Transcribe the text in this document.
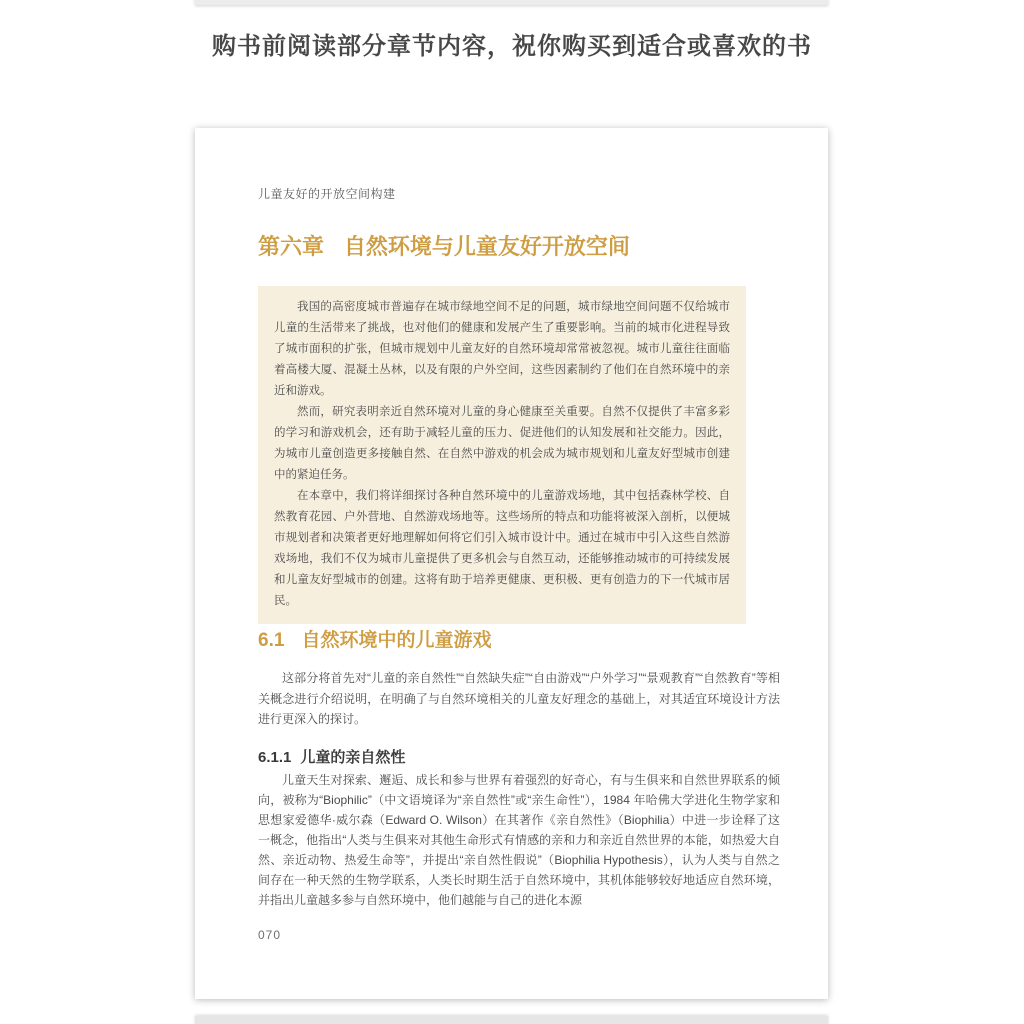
购书前阅读部分章节内容，祝你购买到适合或喜欢的书
儿童友好的开放空间构建
第六章 自然环境与儿童友好开放空间

我国的高密度城市普遍存在城市绿地空间不足的问题，城市绿地空间问题不仅给城市儿童的生活带来了挑战，也对他们的健康和发展产生了重要影响。当前的城市化进程导致了城市面积的扩张，但城市规划中儿童友好的自然环境却常常被忽视。城市儿童往往面临着高楼大厦、混凝土丛林，以及有限的户外空间，这些因素制约了他们在自然环境中的亲近和游戏。

然而，研究表明亲近自然环境对儿童的身心健康至关重要。自然不仅提供了丰富多彩的学习和游戏机会，还有助于减轻儿童的压力、促进他们的认知发展和社交能力。因此，为城市儿童创造更多接触自然、在自然中游戏的机会成为城市规划和儿童友好型城市创建中的紧迫任务。

在本章中，我们将详细探讨各种自然环境中的儿童游戏场地，其中包括森林学校、自然教育花园、户外营地、自然游戏场地等。这些场所的特点和功能将被深入剖析，以便城市规划者和决策者更好地理解如何将它们引入城市设计中。通过在城市中引入这些自然游戏场地，我们不仅为城市儿童提供了更多机会与自然互动，还能够推动城市的可持续发展和儿童友好型城市的创建。这将有助于培养更健康、更积极、更有创造力的下一代城市居民。

6.1 自然环境中的儿童游戏

这部分将首先对“儿童的亲自然性”“自然缺失症”“自由游戏”“户外学习”“景观教育”“自然教育”等相关概念进行介绍说明，在明确了与自然环境相关的儿童友好理念的基础上，对其适宜环境设计方法进行更深入的探讨。

6.1.1 儿童的亲自然性

儿童天生对探索、邂逅、成长和参与世界有着强烈的好奇心，有与生俱来和自然世界联系的倾向，被称为“Biophilic”（中文语境译为“亲自然性”或“亲生命性”），1984 年哈佛大学进化生物学家和思想家爱德华·威尔森（Edward O. Wilson）在其著作《亲自然性》（Biophilia）中进一步诠释了这一概念，他指出“人类与生俱来对其他生命形式有情感的亲和力和亲近自然世界的本能，如热爱大自然、亲近动物、热爱生命等”，并提出“亲自然性假说”（Biophilia Hypothesis），认为人类与自然之间存在一种天然的生物学联系，人类长时期生活于自然环境中，其机体能够较好地适应自然环境，并指出儿童越多参与自然环境中，他们越能与自己的进化本源

070
